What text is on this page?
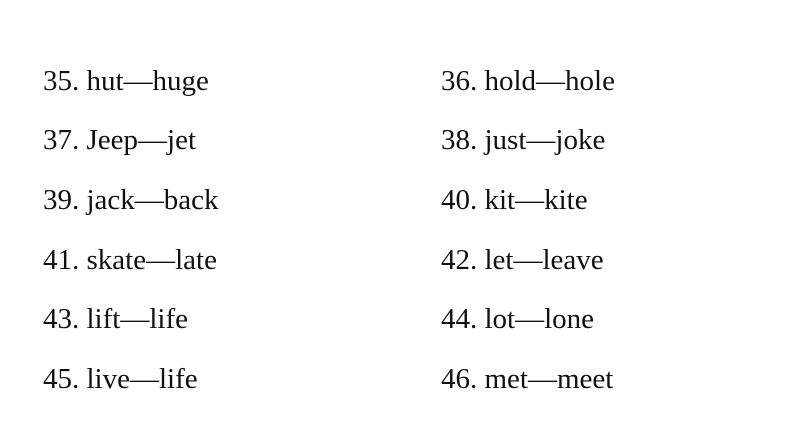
35. hut—huge	36. hold—hole
37. Jeep—jet	38. just—joke
39. jack—back	40. kit—kite
41. skate—late	42. let—leave
43. lift—life	44. lot—lone
45. live—life	46. met—meet
